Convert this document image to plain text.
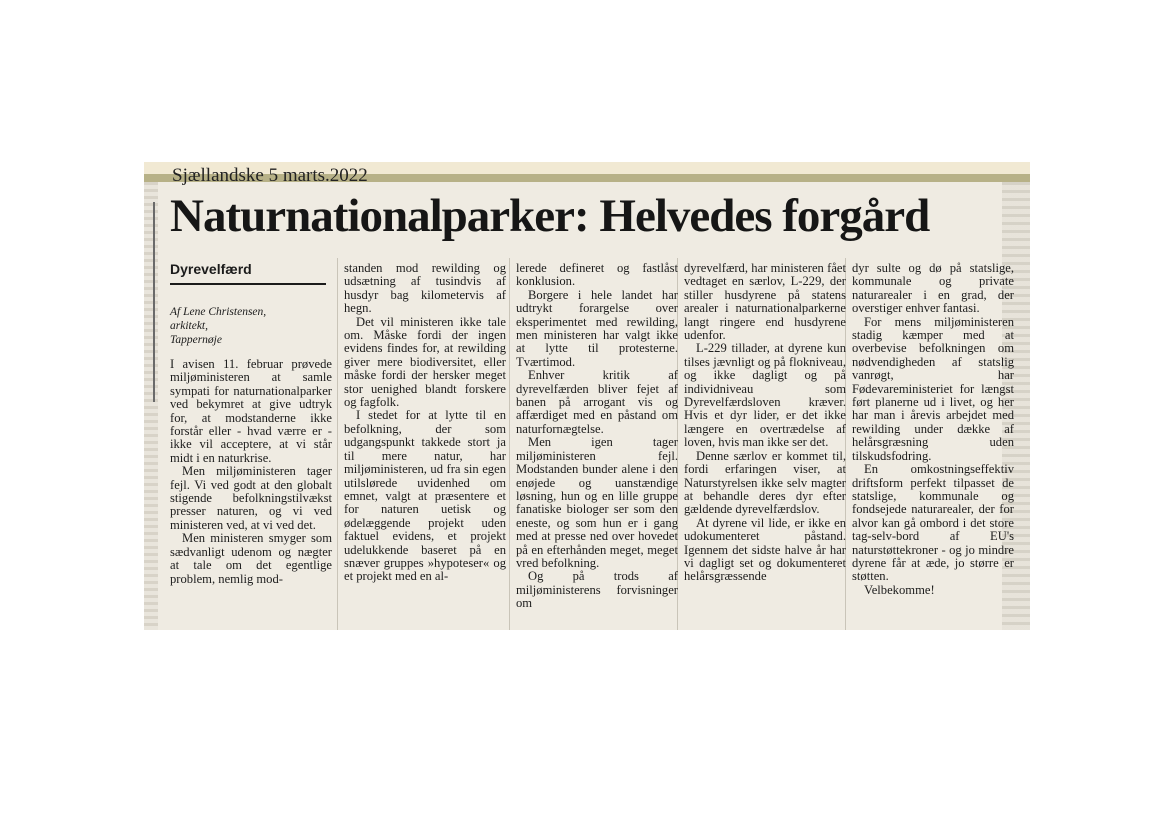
Sjællandske 5 marts.2022
Naturnationalparker: Helvedes forgård
Dyrevelfærd
Af Lene Christensen,
arkitekt,
Tappernøje

I avisen 11. februar prøvede miljøministeren at samle sympati for naturnationalparker ved bekymret at give udtryk for, at modstanderne ikke forstår eller - hvad værre er - ikke vil acceptere, at vi står midt i en naturkrise.

Men miljøministeren tager fejl. Vi ved godt at den globalt stigende befolkningstilvækst presser naturen, og vi ved ministeren ved, at vi ved det.

Men ministeren smyger som sædvanligt udenom og nægter at tale om det egentlige problem, nemlig mod-

standen mod rewilding og udsætning af tusindvis af husdyr bag kilometervis af hegn.

Det vil ministeren ikke tale om. Måske fordi der ingen evidens findes for, at rewilding giver mere biodiversitet, eller måske fordi der hersker meget stor uenighed blandt forskere og fagfolk.

I stedet for at lytte til en befolkning, der som udgangspunkt takkede stort ja til mere natur, har miljøministeren, ud fra sin egen utilslørede uvidenhed om emnet, valgt at præsentere et for naturen uetisk og ødelæggende projekt uden faktuel evidens, et projekt udelukkende baseret på en snæver gruppes »hypoteser« og et projekt med en al-

lerede defineret og fastlåst konklusion.

Borgere i hele landet har udtrykt forargelse over eksperimentet med rewilding, men ministeren har valgt ikke at lytte til protesterne. Tværtimod.

Enhver kritik af dyrevelfærden bliver fejet af banen på arrogant vis og affærdiget med en påstand om naturfornægtelse.

Men igen tager miljøministeren fejl. Modstanden bunder alene i den enøjede og uanstændige løsning, hun og en lille gruppe fanatiske biologer ser som den eneste, og som hun er i gang med at presse ned over hovedet på en efterhånden meget, meget vred befolkning.

Og på trods af miljøministerens forvisninger om

dyrevelfærd, har ministeren fået vedtaget en særlov, L-229, der stiller husdyrene på statens arealer i naturnationalparkerne langt ringere end husdyrene udenfor.

L-229 tillader, at dyrene kun tilses jævnligt og på flokniveau, og ikke dagligt og på individniveau som Dyrevelfærdsloven kræver. Hvis et dyr lider, er det ikke længere en overtrædelse af loven, hvis man ikke ser det.

Denne særlov er kommet til, fordi erfaringen viser, at Naturstyrelsen ikke selv magter at behandle deres dyr efter gældende dyrevelfærdslov.

At dyrene vil lide, er ikke en udokumenteret påstand. Igennem det sidste halve år har vi dagligt set og dokumenteret helårsgræssende

dyr sulte og dø på statslige, kommunale og private naturarealer i en grad, der overstiger enhver fantasi.

For mens miljøministeren stadig kæmper med at overbevise befolkningen om nødvendigheden af statslig vanrøgt, har Fødevareministeriet for længst ført planerne ud i livet, og her har man i årevis arbejdet med rewilding under dække af helårsgræsning uden tilskudsfodring.

En omkostningseffektiv driftsform perfekt tilpasset de statslige, kommunale og fondsejede naturarealer, der for alvor kan gå ombord i det store tag-selv-bord af EU's naturstøttekroner - og jo mindre dyrene får at æde, jo større er støtten.

Velbekomme!
